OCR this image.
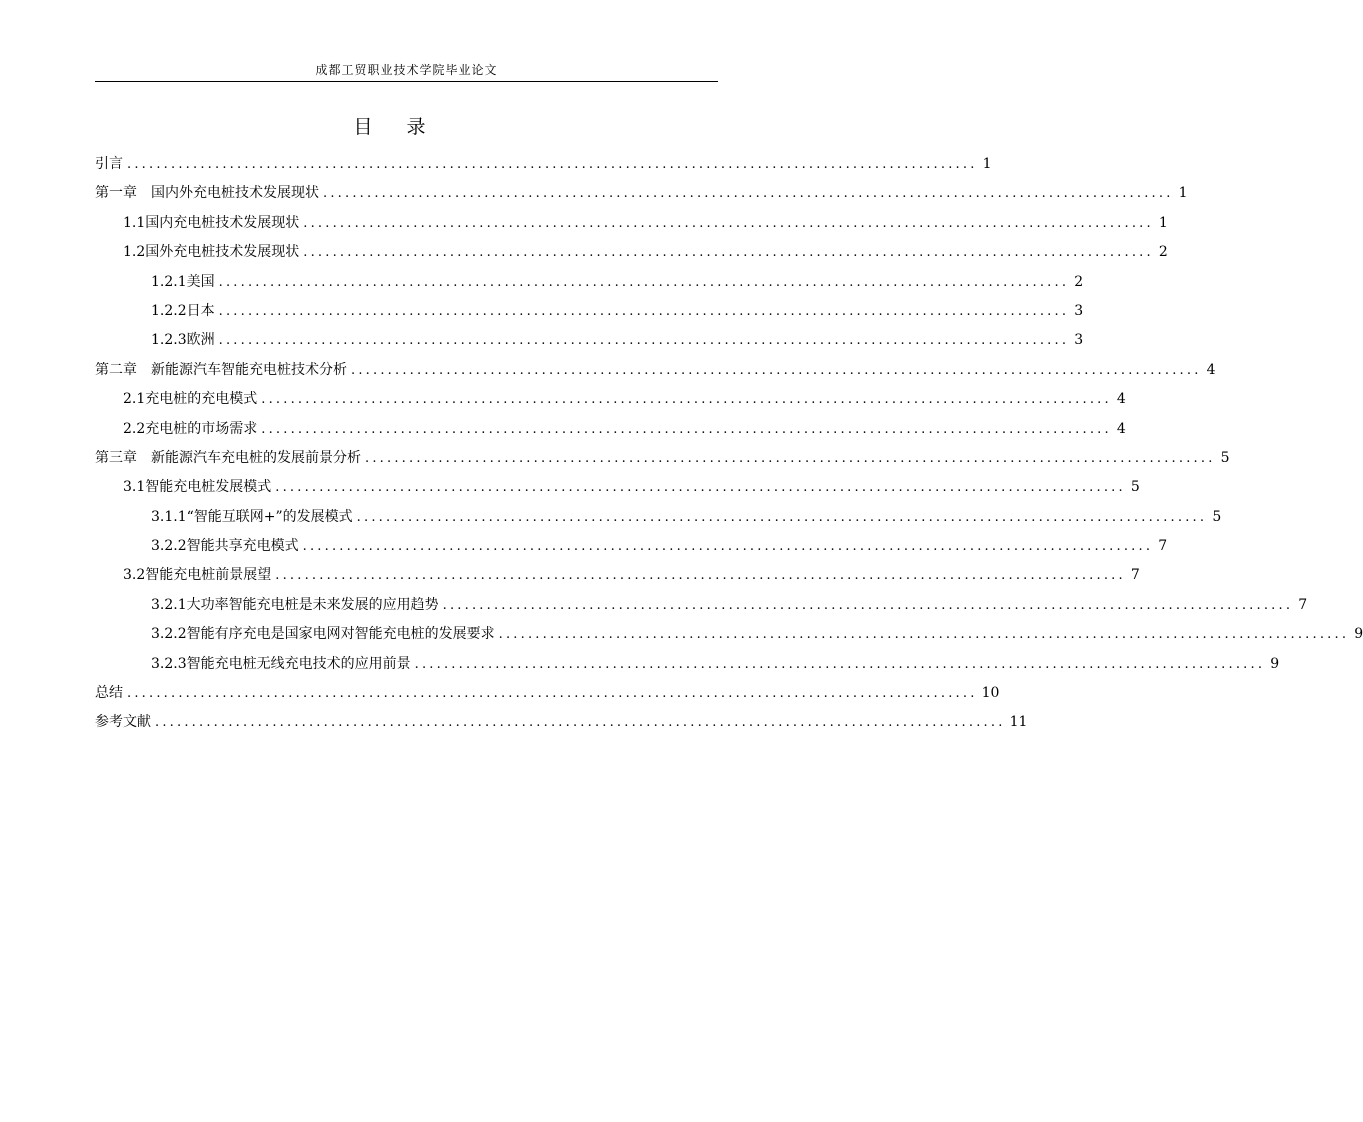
成都工贸职业技术学院毕业论文
目 录
引言 .................................................................................................................... 1
第一章　国内外充电桩技术发展现状 .................................................................................................................... 1
1.1国内充电桩技术发展现状 .................................................................................................................... 1
1.2国外充电桩技术发展现状 .................................................................................................................... 2
1.2.1美国 .................................................................................................................... 2
1.2.2日本 .................................................................................................................... 3
1.2.3欧洲 .................................................................................................................... 3
第二章　新能源汽车智能充电桩技术分析 .................................................................................................................... 4
2.1充电桩的充电模式 .................................................................................................................... 4
2.2充电桩的市场需求 .................................................................................................................... 4
第三章　新能源汽车充电桩的发展前景分析 .................................................................................................................... 5
3.1智能充电桩发展模式 .................................................................................................................... 5
3.1.1“智能互联网+”的发展模式 .................................................................................................................... 5
3.2.2智能共享充电模式 .................................................................................................................... 7
3.2智能充电桩前景展望 .................................................................................................................... 7
3.2.1大功率智能充电桩是未来发展的应用趋势 .................................................................................................................... 7
3.2.2智能有序充电是国家电网对智能充电桩的发展要求 .................................................................................................................... 9
3.2.3智能充电桩无线充电技术的应用前景 .................................................................................................................... 9
总结 .................................................................................................................... 10
参考文献 .................................................................................................................... 11
